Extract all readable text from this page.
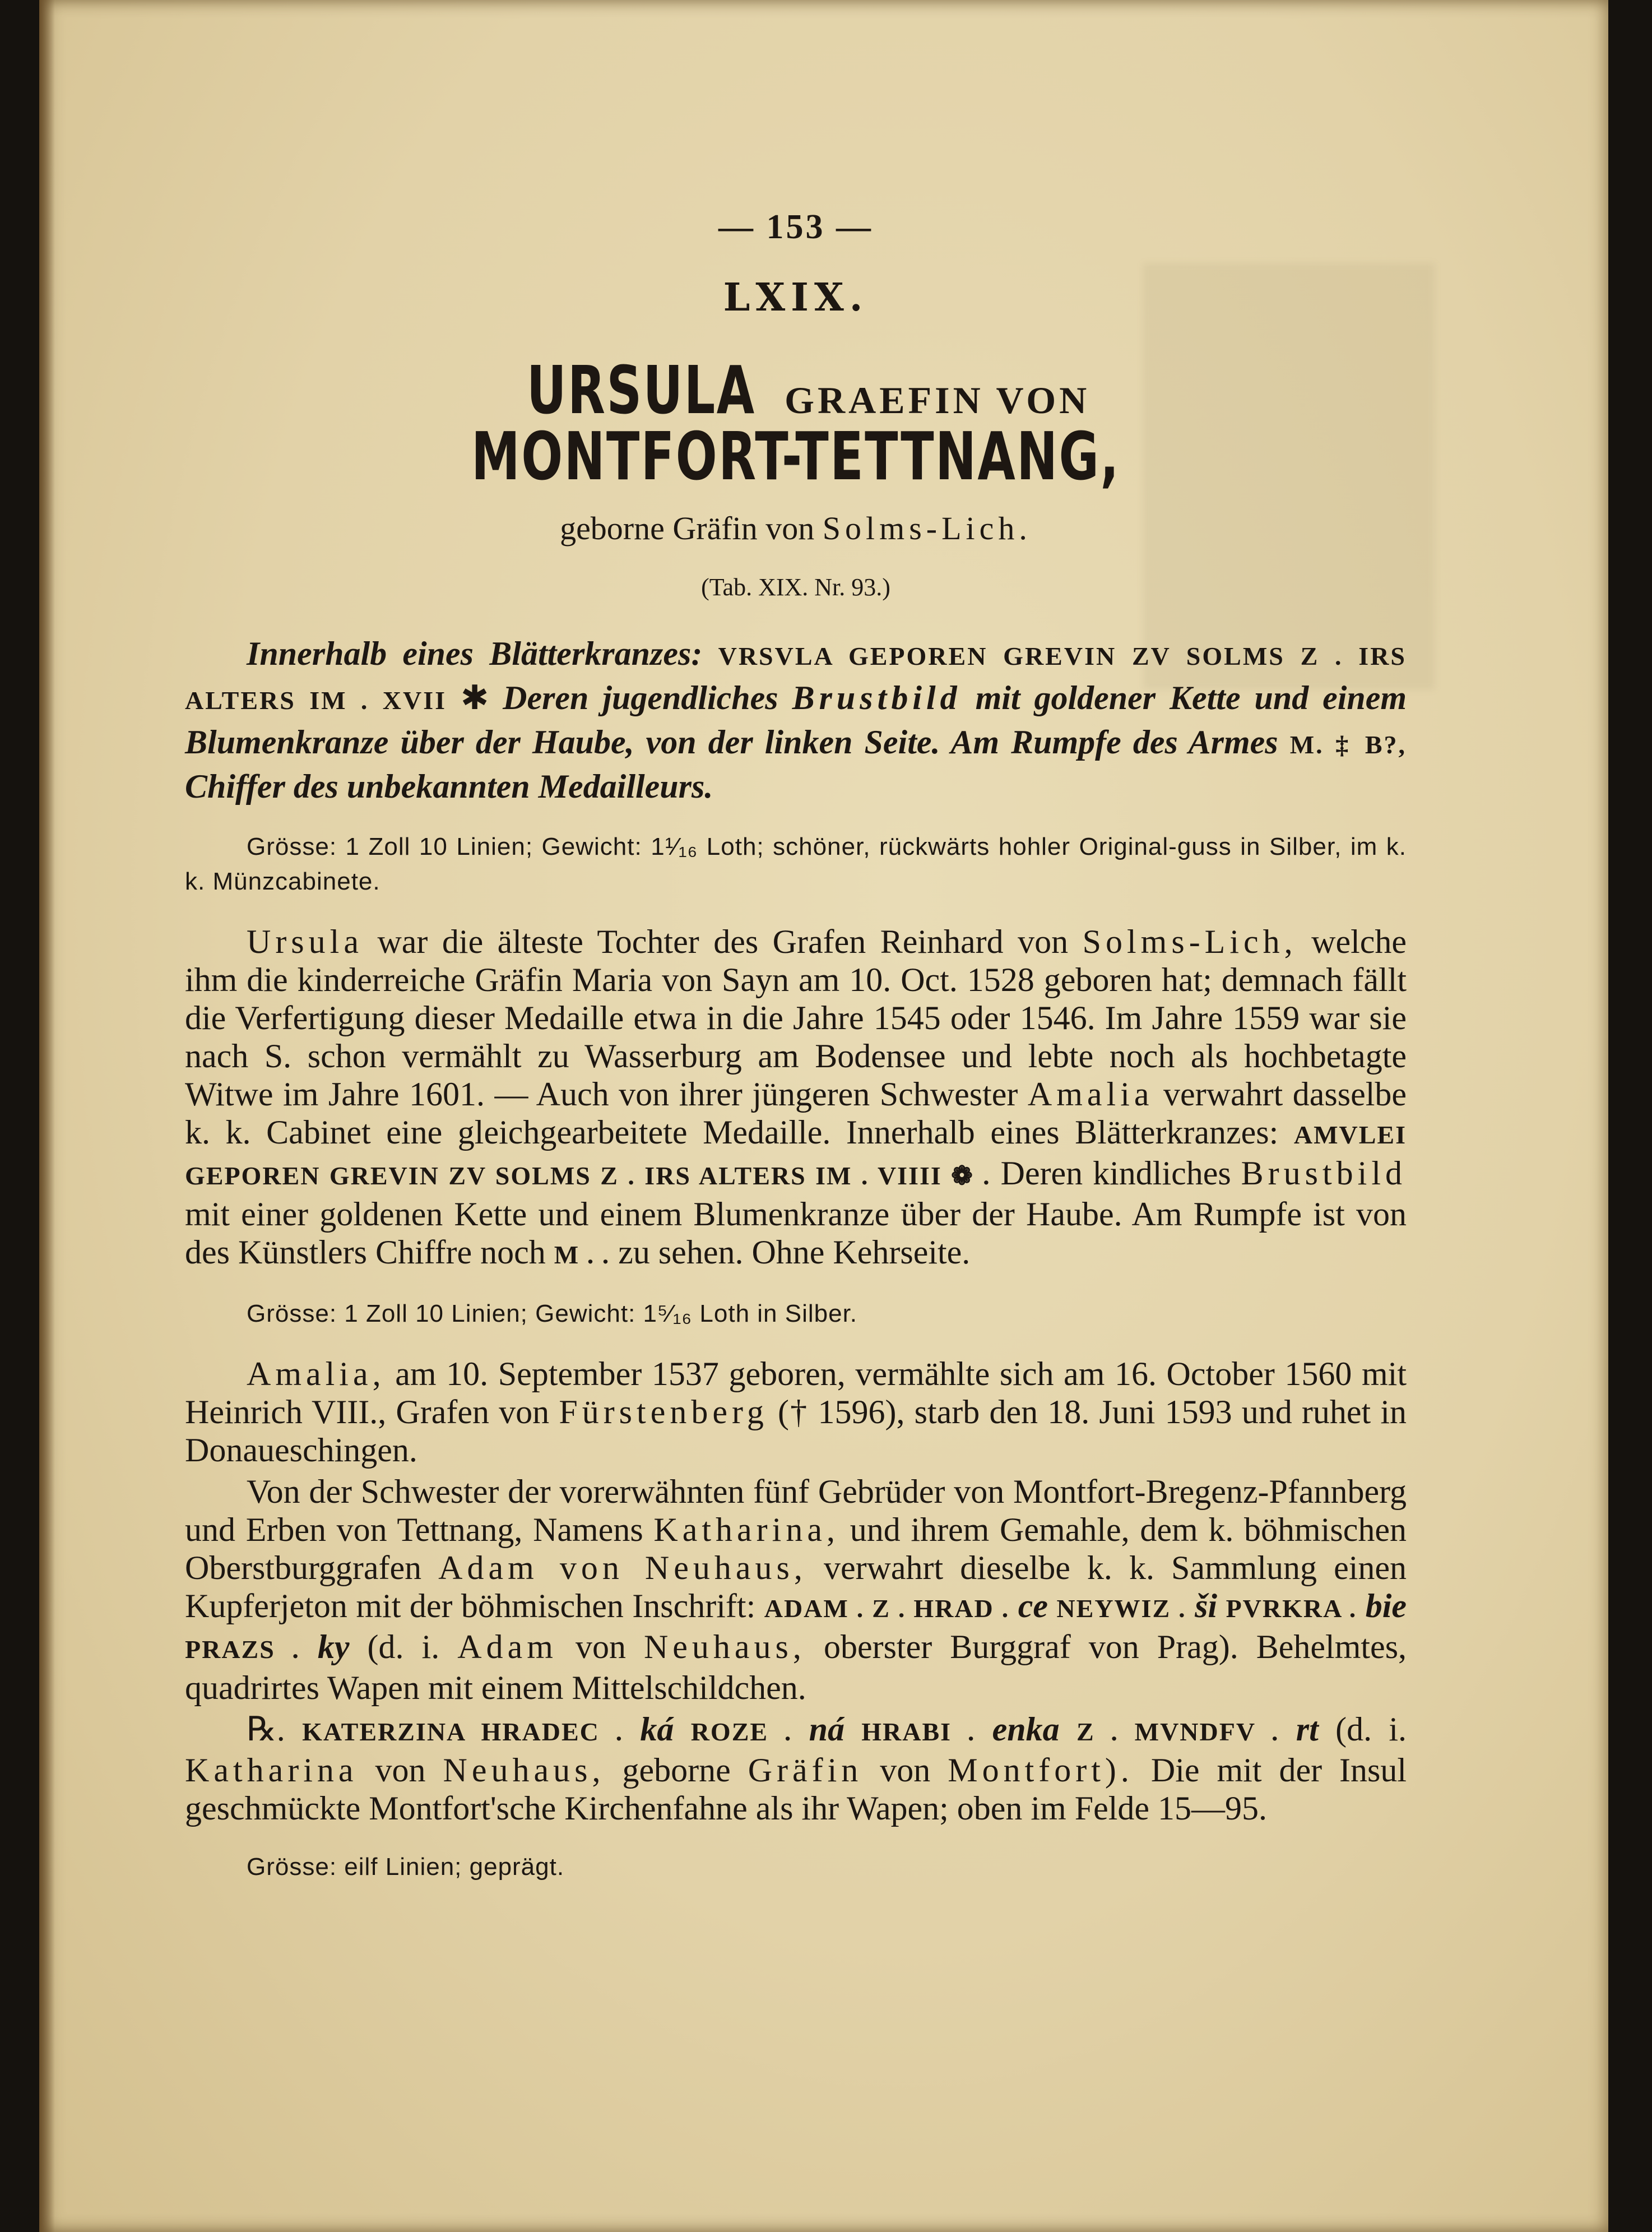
— 153 —
LXIX.
URSULA GRAEFIN VON MONTFORT-TETTNANG,
geborne Gräfin von Solms-Lich.
(Tab. XIX. Nr. 93.)

Innerhalb eines Blätterkranzes: VRSVLA GEPOREN GREVIN ZV SOLMS Z . IRS ALTERS IM . XVII ✱ Deren jugendliches Brustbild mit goldener Kette und einem Blumenkranze über der Haube, von der linken Seite. Am Rumpfe des Armes M. ‡ B?, Chiffer des unbekannten Medailleurs.

Grösse: 1 Zoll 10 Linien; Gewicht: 1¹⁄₁₆ Loth; schöner, rückwärts hohler Original-guss in Silber, im k. k. Münzcabinete.

Ursula war die älteste Tochter des Grafen Reinhard von Solms-Lich, welche ihm die kinderreiche Gräfin Maria von Sayn am 10. Oct. 1528 geboren hat; demnach fällt die Verfertigung dieser Medaille etwa in die Jahre 1545 oder 1546. Im Jahre 1559 war sie nach S. schon vermählt zu Wasserburg am Bodensee und lebte noch als hochbetagte Witwe im Jahre 1601. — Auch von ihrer jüngeren Schwester Amalia verwahrt dasselbe k. k. Cabinet eine gleichgearbeitete Medaille. Innerhalb eines Blätterkranzes: AMVLEI GEPOREN GREVIN ZV SOLMS Z . IRS ALTERS IM . VIIII ❁ . Deren kindliches Brustbild mit einer goldenen Kette und einem Blumenkranze über der Haube. Am Rumpfe ist von des Künstlers Chiffre noch M . . zu sehen. Ohne Kehrseite.

Grösse: 1 Zoll 10 Linien; Gewicht: 1⁵⁄₁₆ Loth in Silber.

Amalia, am 10. September 1537 geboren, vermählte sich am 16. October 1560 mit Heinrich VIII., Grafen von Fürstenberg († 1596), starb den 18. Juni 1593 und ruhet in Donaueschingen.

Von der Schwester der vorerwähnten fünf Gebrüder von Montfort-Bregenz-Pfannberg und Erben von Tettnang, Namens Katharina, und ihrem Gemahle, dem k. böhmischen Oberstburggrafen Adam von Neuhaus, verwahrt dieselbe k. k. Sammlung einen Kupferjeton mit der böhmischen Inschrift: ADAM . Z . HRAD . ce NEYWIZ . ši PVRKRA . bie PRAZS . ky (d. i. Adam von Neuhaus, oberster Burggraf von Prag). Behelmtes, quadrirtes Wapen mit einem Mittelschildchen.

℞. KATERZINA HRADEC . ká ROZE . ná HRABI . enka Z . MVNDFV . rt (d. i. Katharina von Neuhaus, geborne Gräfin von Montfort). Die mit der Insul geschmückte Montfort'sche Kirchenfahne als ihr Wapen; oben im Felde 15—95.

Grösse: eilf Linien; geprägt.
